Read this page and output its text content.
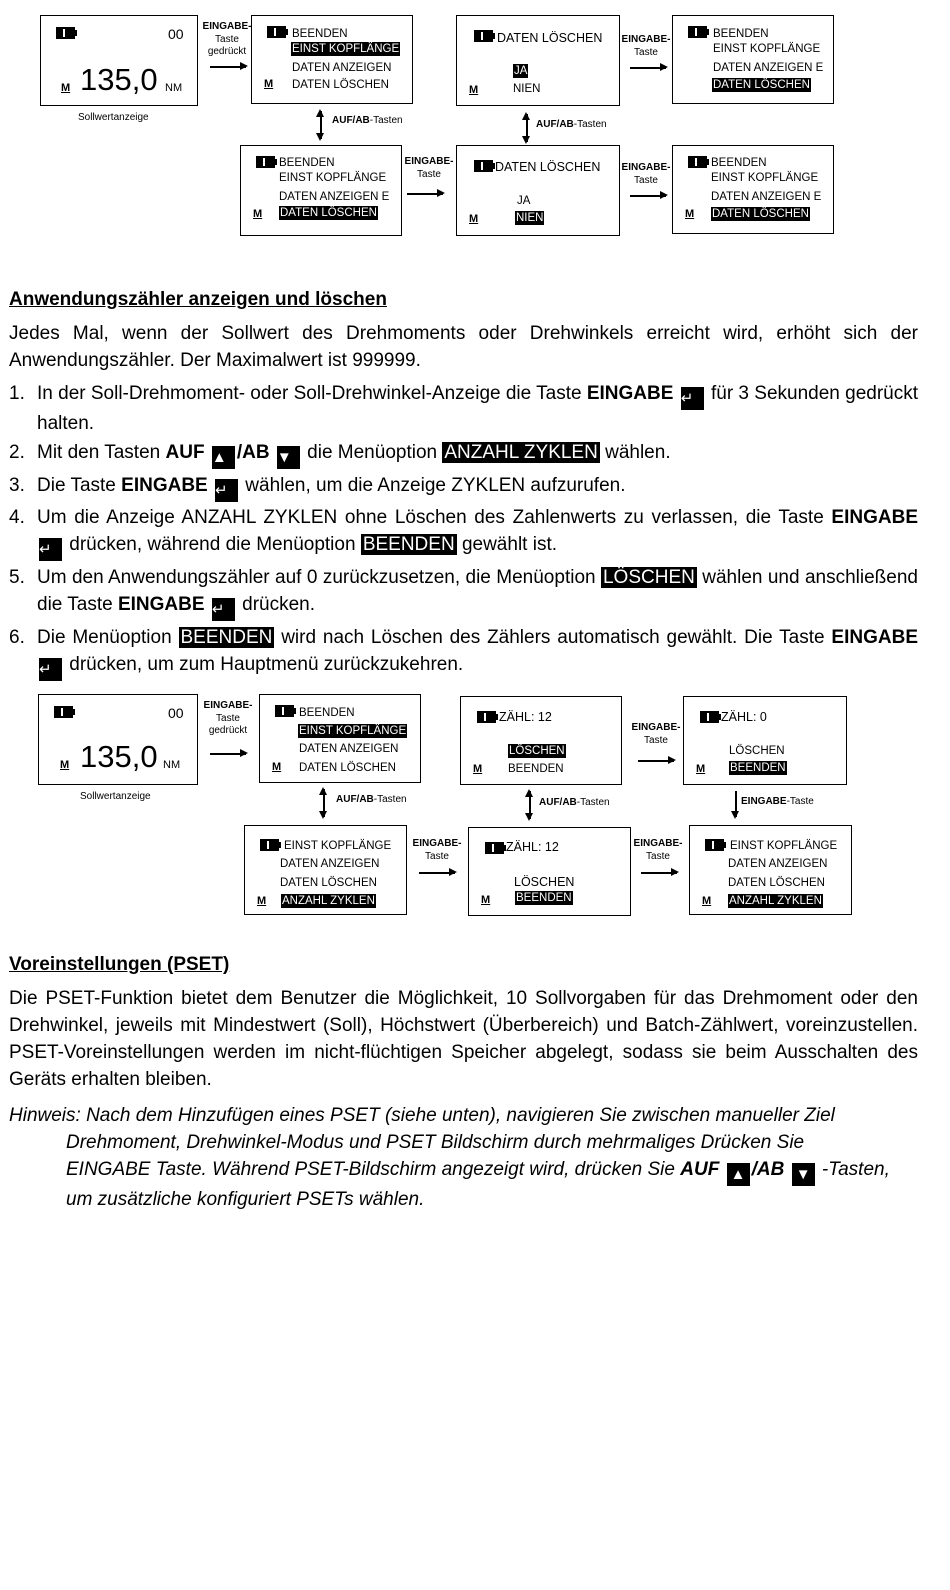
00
M 135,0 NM
Sollwertanzeige
EINGABE-
Taste
gedrückt
BEENDEN
EINST KOPFLÄNGE
DATEN ANZEIGEN
DATEN LÖSCHEN
M
DATEN LÖSCHEN
JA
NIEN
M
EINGABE-
Taste
BEENDEN
EINST KOPFLÄNGE
DATEN ANZEIGEN E
DATEN LÖSCHEN
AUF/AB-Tasten	AUF/AB-Tasten
BEENDEN
EINST KOPFLÄNGE
DATEN ANZEIGEN E
DATEN LÖSCHEN
M
EINGABE-
Taste	DATEN LÖSCHEN
JA
NIEN
M
EINGABE-
Taste
BEENDEN
EINST KOPFLÄNGE
DATEN ANZEIGEN E
DATEN LÖSCHEN
M
Anwendungszähler anzeigen und löschen
Jedes Mal, wenn der Sollwert des Drehmoments oder Drehwinkels erreicht wird, erhöht sich der Anwendungszähler. Der Maximalwert ist 999999.
1. In der Soll-Drehmoment- oder Soll-Drehwinkel-Anzeige die Taste EINGABE ↵ für 3 Sekunden gedrückt halten.
2. Mit den Tasten AUF ▲ /AB ▼ die Menüoption ANZAHL ZYKLEN wählen.
3. Die Taste EINGABE ↵ wählen, um die Anzeige ZYKLEN aufzurufen.
4. Um die Anzeige ANZAHL ZYKLEN ohne Löschen des Zahlenwerts zu verlassen, die Taste EINGABE ↵ drücken, während die Menüoption BEENDEN gewählt ist.
5. Um den Anwendungszähler auf 0 zurückzusetzen, die Menüoption LÖSCHEN wählen und anschließend die Taste EINGABE ↵ drücken.
6. Die Menüoption BEENDEN wird nach Löschen des Zählers automatisch gewählt. Die Taste EINGABE ↵ drücken, um zum Hauptmenü zurückzukehren.
00
M 135,0 NM
Sollwertanzeige
EINGABE-
Taste
gedrückt
BEENDEN
EINST KOPFLÄNGE
DATEN ANZEIGEN
DATEN LÖSCHEN
M
ZÄHL: 12
LÖSCHEN
BEENDEN
M
EINGABE-
Taste
ZÄHL: 0
LÖSCHEN
BEENDEN
M
AUF/AB-Tasten	AUF/AB-Tasten	EINGABE-Taste
EINST KOPFLÄNGE
DATEN ANZEIGEN
DATEN LÖSCHEN
ANZAHL ZYKLEN
M
EINGABE-
Taste
ZÄHL: 12
LÖSCHEN
BEENDEN
M
EINGABE-
Taste
EINST KOPFLÄNGE
DATEN ANZEIGEN
DATEN LÖSCHEN
ANZAHL ZYKLEN
M
Voreinstellungen (PSET)
Die PSET-Funktion bietet dem Benutzer die Möglichkeit, 10 Sollvorgaben für das Drehmoment oder den Drehwinkel, jeweils mit Mindestwert (Soll), Höchstwert (Überbereich) und Batch-Zählwert, voreinzustellen. PSET-Voreinstellungen werden im nicht-flüchtigen Speicher abgelegt, sodass sie beim Ausschalten des Geräts erhalten bleiben.
Hinweis: Nach dem Hinzufügen eines PSET (siehe unten), navigieren Sie zwischen manueller Ziel
Drehmoment, Drehwinkel-Modus und PSET Bildschirm durch mehrmaliges Drücken Sie
EINGABE Taste. Während PSET-Bildschirm angezeigt wird, drücken Sie AUF ▲ /AB ▼ -Tasten,
um zusätzliche konfiguriert PSETs wählen.
